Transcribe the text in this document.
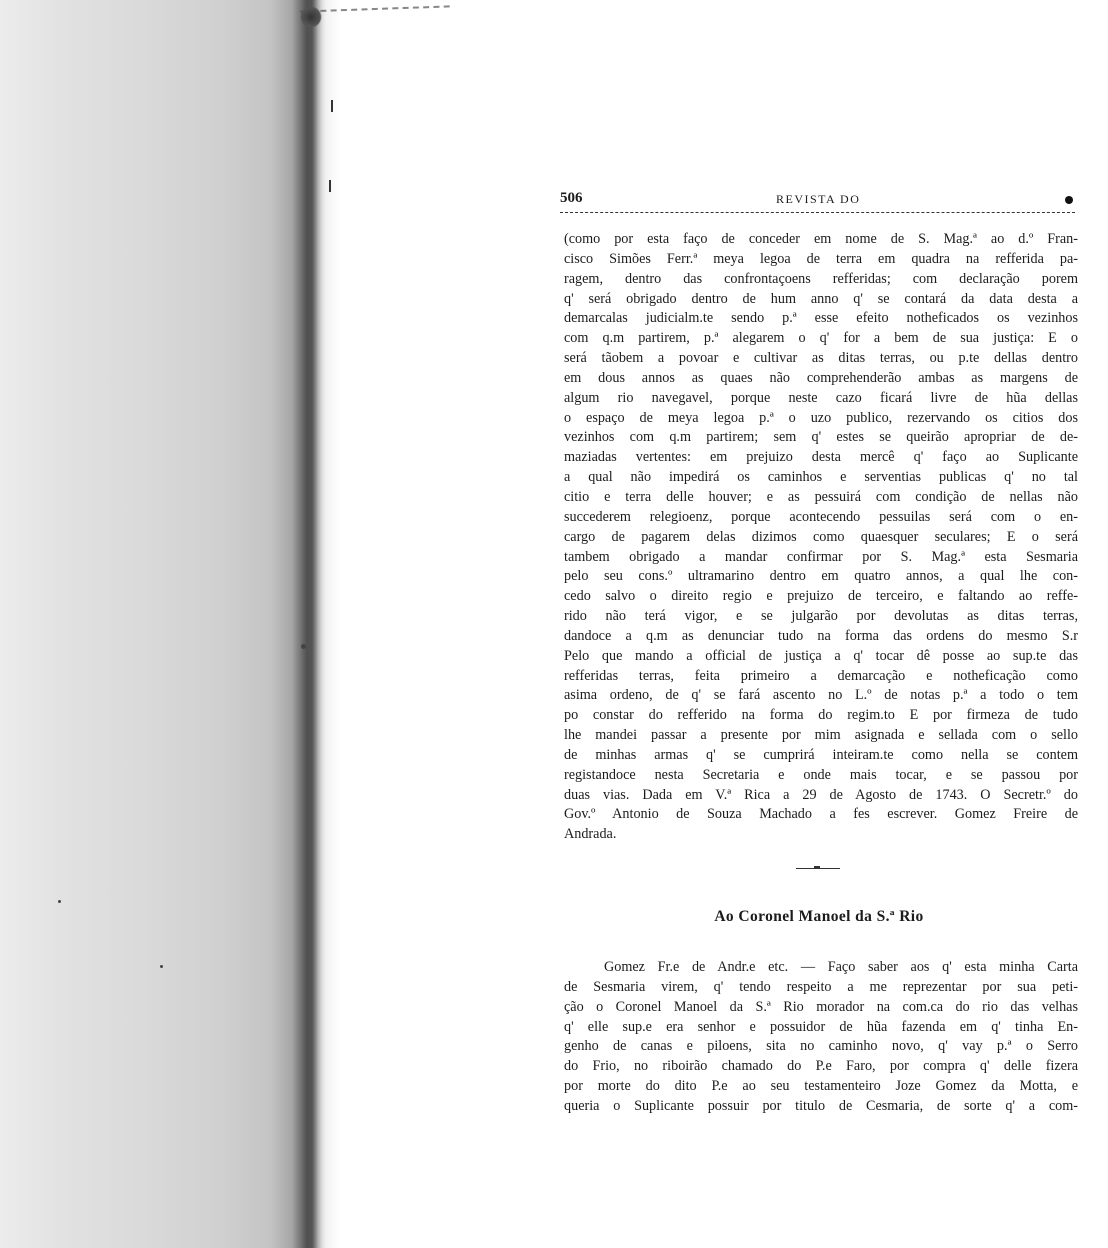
506	REVISTA DO
(como por esta faço de conceder em nome de S. Mag.ª ao d.º Fran-
cisco Simões Ferr.ª meya legoa de terra em quadra na refferida pa-
ragem, dentro das confrontaçoens refferidas; com declaração porem
q' será obrigado dentro de hum anno q' se contará da data desta a
demarcalas judicialm.te sendo p.ª esse efeito notheficados os vezinhos
com q.m partirem, p.ª alegarem o q' for a bem de sua justiça: E o
será tãobem a povoar e cultivar as ditas terras, ou p.te dellas dentro
em dous annos as quaes não comprehenderão ambas as margens de
algum rio navegavel, porque neste cazo ficará livre de hũa dellas
o espaço de meya legoa p.ª o uzo publico, rezervando os citios dos
vezinhos com q.m partirem; sem q' estes se queirão apropriar de de-
maziadas vertentes: em prejuizo desta mercê q' faço ao Suplicante
a qual não impedirá os caminhos e serventias publicas q' no tal
citio e terra delle houver; e as pessuirá com condição de nellas não
succederem relegioenz, porque acontecendo pessuilas será com o en-
cargo de pagarem delas dizimos como quaesquer seculares; E o será
tambem obrigado a mandar confirmar por S. Mag.ª esta Sesmaria
pelo seu cons.º ultramarino dentro em quatro annos, a qual lhe con-
cedo salvo o direito regio e prejuizo de terceiro, e faltando ao reffe-
rido não terá vigor, e se julgarão por devolutas as ditas terras,
dandoce a q.m as denunciar tudo na forma das ordens do mesmo S.r
Pelo que mando a official de justiça a q' tocar dê posse ao sup.te das
refferidas terras, feita primeiro a demarcação e notheficação como
asima ordeno, de q' se fará ascento no L.º de notas p.ª a todo o tem
po constar do refferido na forma do regim.to E por firmeza de tudo
lhe mandei passar a presente por mim asignada e sellada com o sello
de minhas armas q' se cumprirá inteiram.te como nella se contem
registandoce nesta Secretaria e onde mais tocar, e se passou por
duas vias. Dada em V.ª Rica a 29 de Agosto de 1743. O Secretr.º do
Gov.º Antonio de Souza Machado a fes escrever. Gomez Freire de
Andrada.
Ao Coronel Manoel da S.ª Rio
Gomez Fr.e de Andr.e etc. — Faço saber aos q' esta minha Carta
de Sesmaria virem, q' tendo respeito a me reprezentar por sua peti-
ção o Coronel Manoel da S.ª Rio morador na com.ca do rio das velhas
q' elle sup.e era senhor e possuidor de hũa fazenda em q' tinha En-
genho de canas e piloens, sita no caminho novo, q' vay p.ª o Serro
do Frio, no riboirão chamado do P.e Faro, por compra q' delle fizera
por morte do dito P.e ao seu testamenteiro Joze Gomez da Motta, e
queria o Suplicante possuir por titulo de Cesmaria, de sorte q' a com-
